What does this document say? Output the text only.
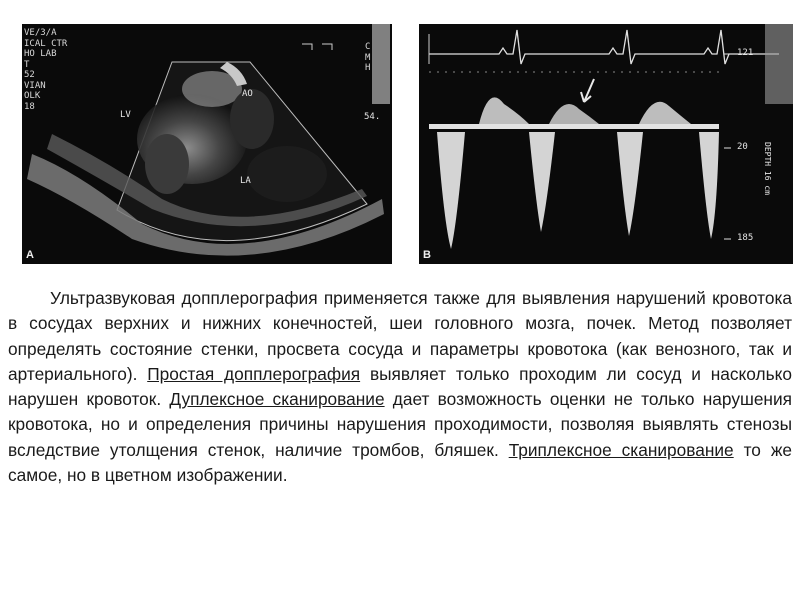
VE/3/A
ICAL CTR
HO LAB
T
52
VIAN
OLK
18
C
M
H
54.
LV
AO
LA
A
121
20
185
DEPTH 16 cm
B
Ультразвуковая допплерография применяется также для выявления нарушений кровотока в сосудах верхних и нижних конечностей, шеи головного мозга, почек. Метод позволяет определять состояние стенки, просвета сосуда и параметры кровотока (как венозного, так и артериального). Простая допплерография выявляет только проходим ли сосуд и насколько нарушен кровоток. Дуплексное сканирование дает возможность оценки не только нарушения кровотока, но и определения причины нарушения проходимости, позволяя выявлять стенозы вследствие утолщения стенок, наличие тромбов, бляшек. Триплексное сканирование то же самое, но в цветном изображении.
